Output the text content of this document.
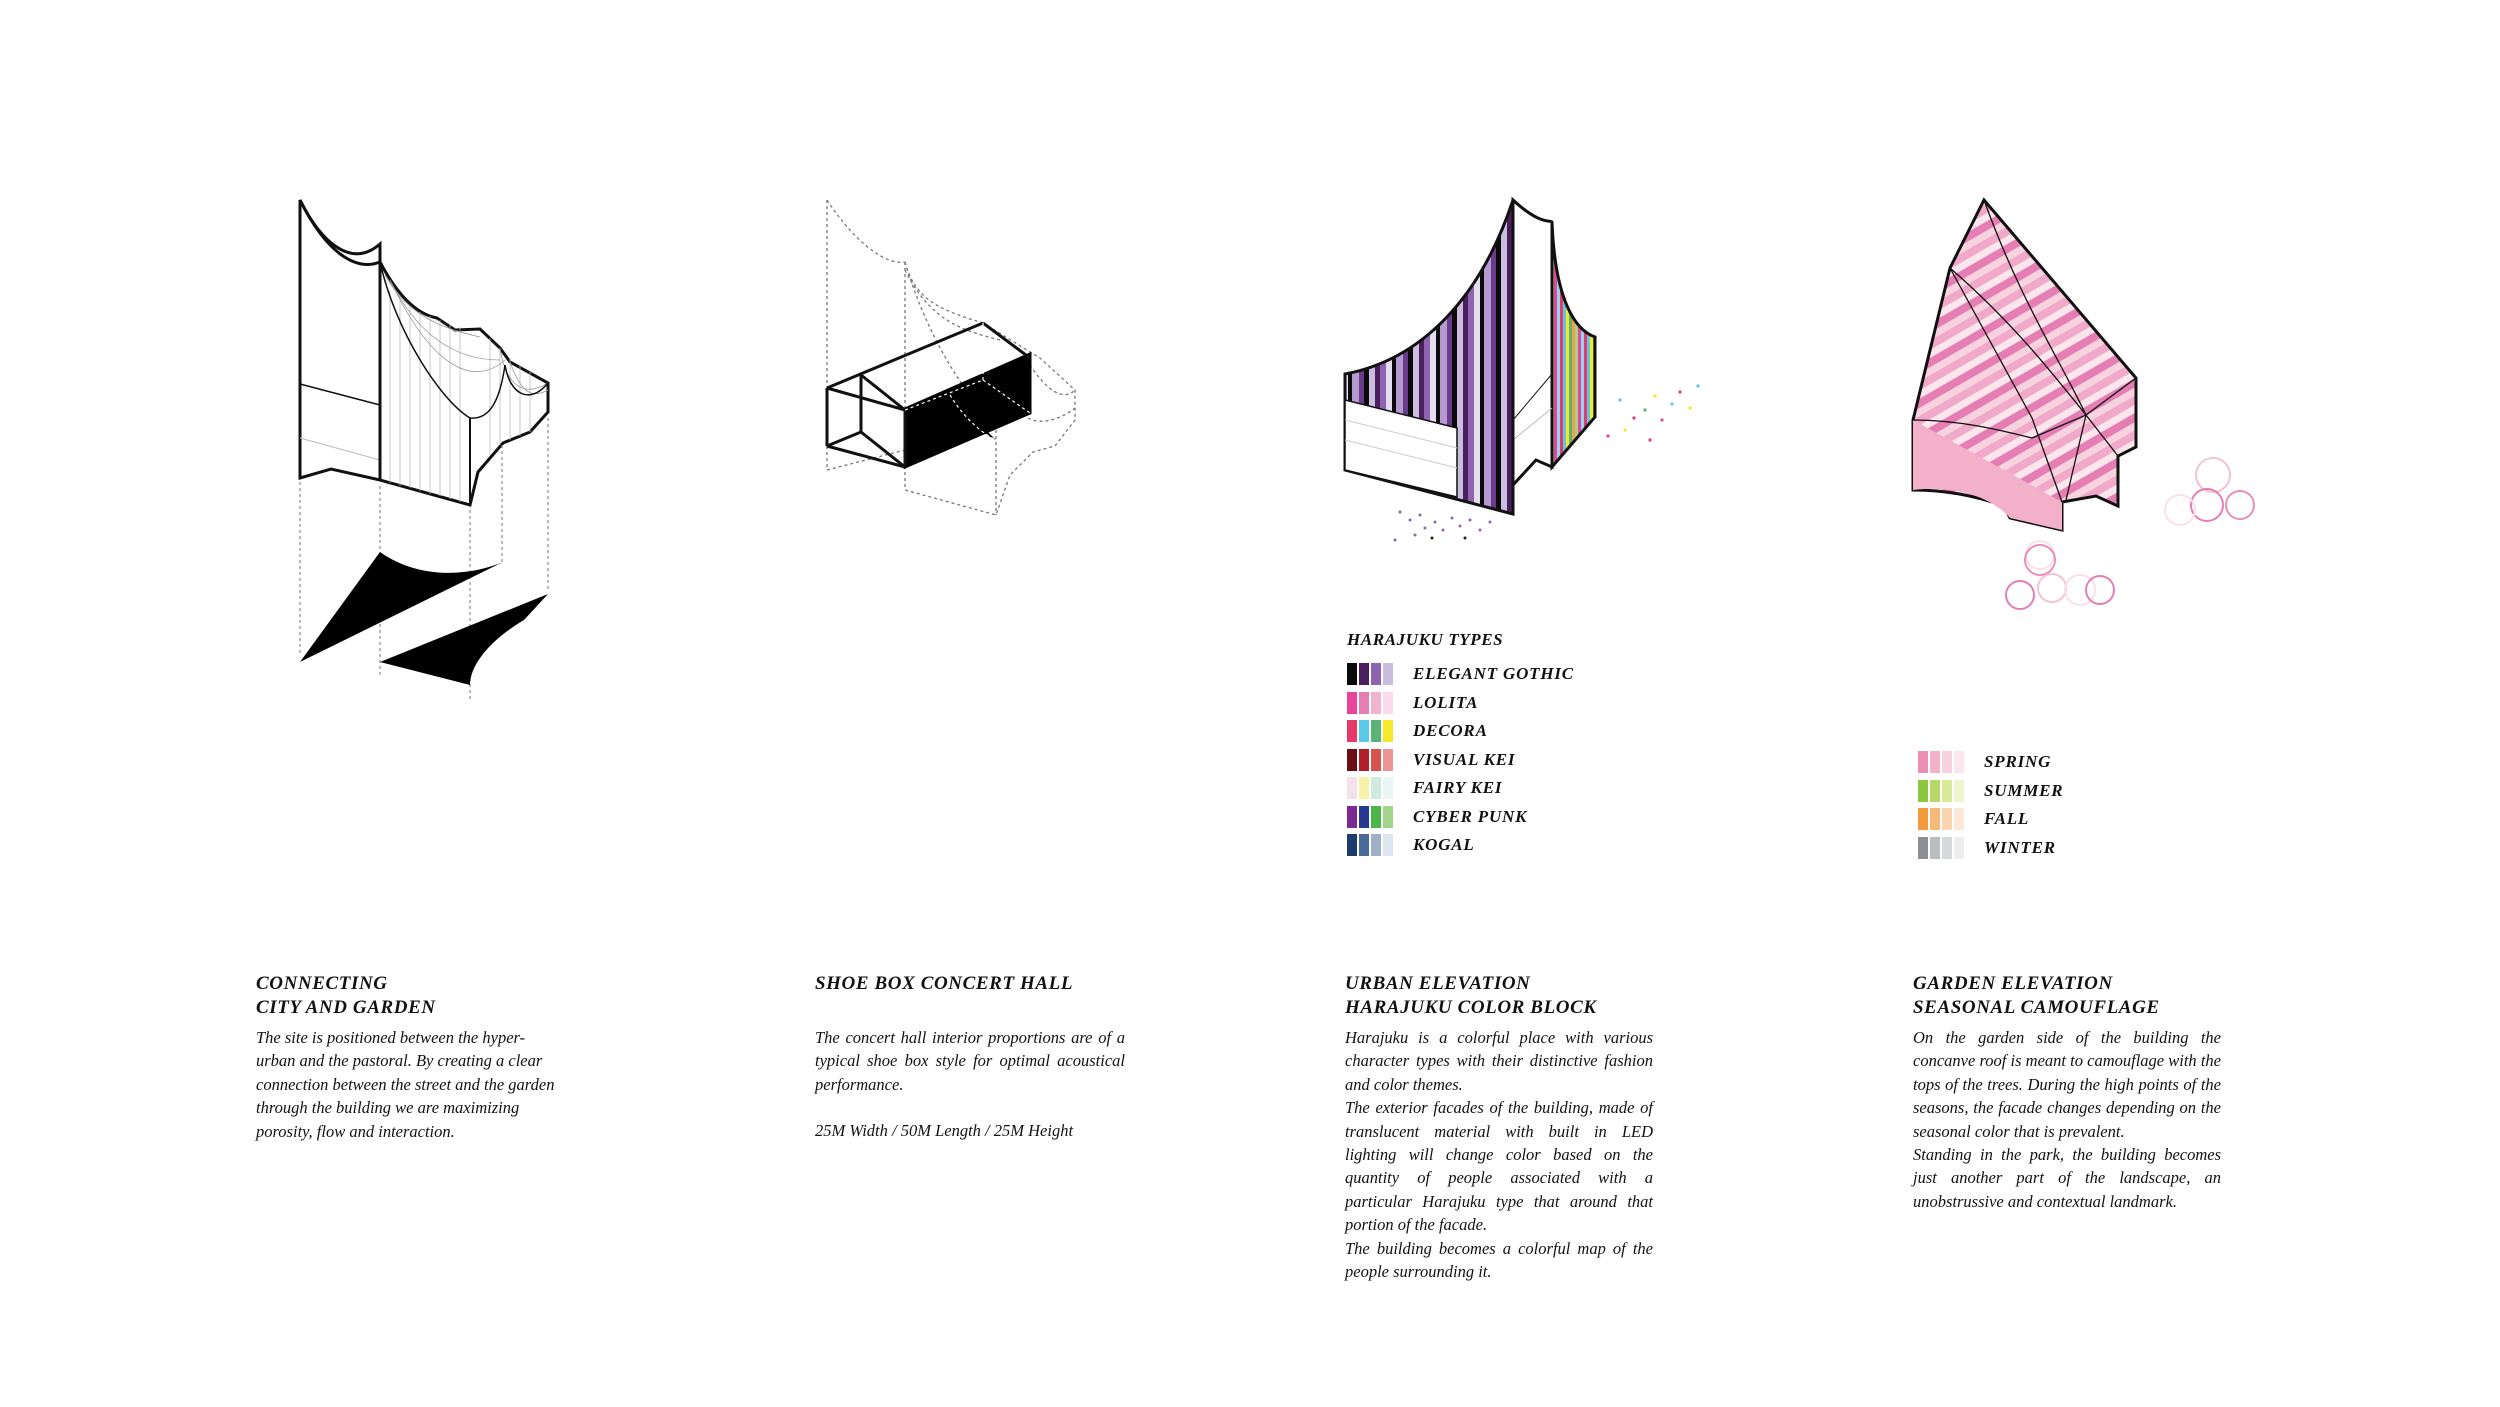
HARAJUKU TYPES
ELEGANT GOTHIC
LOLITA
DECORA
VISUAL KEI
FAIRY KEI
CYBER PUNK
KOGAL
SPRING
SUMMER
FALL
WINTER
CONNECTING
CITY AND GARDEN

The site is positioned between the hyper-urban and the pastoral. By creating a clear connection between the street and the garden through the building we are maximizing porosity, flow and interaction.

SHOE BOX CONCERT HALL

The concert hall interior proportions are of a typical shoe box style for optimal acoustical performance.

25M Width / 50M Length / 25M Height

URBAN ELEVATION
HARAJUKU COLOR BLOCK

Harajuku is a colorful place with various character types with their distinctive fashion and color themes.

The exterior facades of the building, made of translucent material with built in LED lighting will change color based on the quantity of people associated with a particular Harajuku type that around that portion of the facade.

The building becomes a colorful map of the people surrounding it.

GARDEN ELEVATION
SEASONAL CAMOUFLAGE

On the garden side of the building the concanve roof is meant to camouflage with the tops of the trees. During the high points of the seasons, the facade changes depending on the seasonal color that is prevalent.

Standing in the park, the building becomes just another part of the landscape, an unobstrussive and contextual landmark.
